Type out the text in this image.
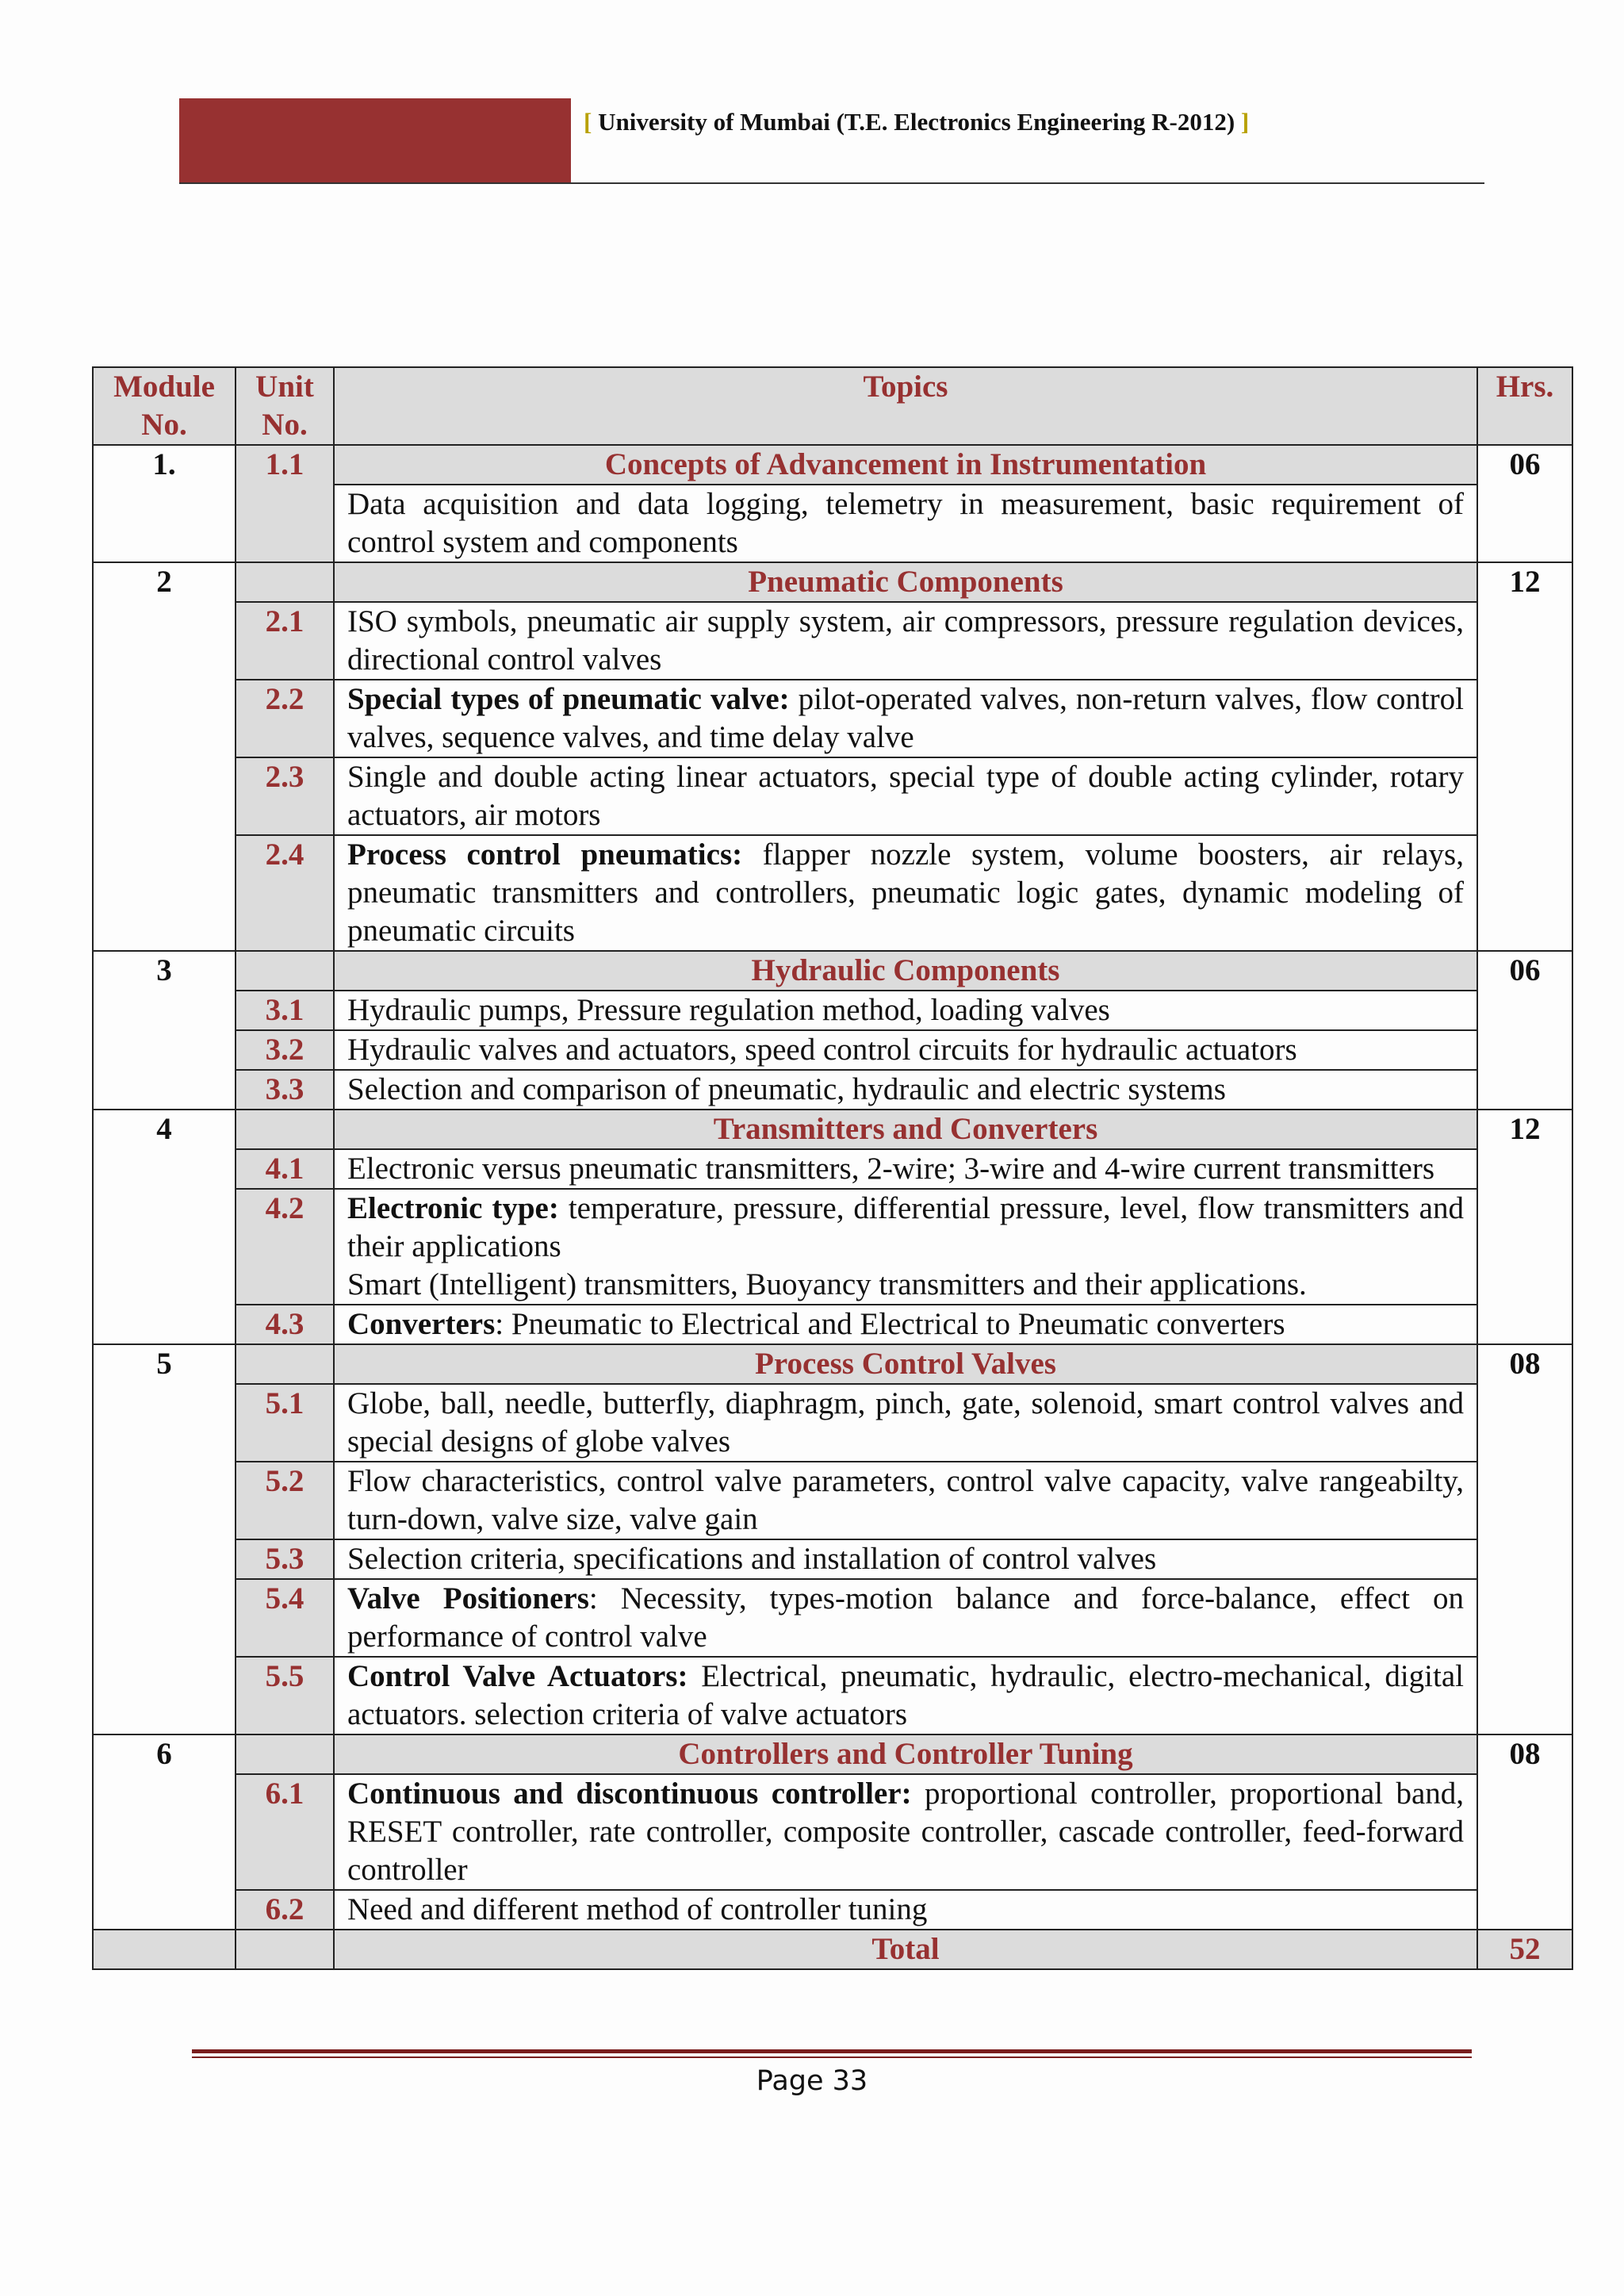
[ University of Mumbai (T.E. Electronics Engineering R-2012) ]
Module No.	Unit No.	Topics	Hrs.
1.	1.1	Concepts of Advancement in Instrumentation	06
		Data acquisition and data logging, telemetry in measurement, basic requirement of control system and components	
2		Pneumatic Components	12
	2.1	ISO symbols, pneumatic air supply system, air compressors, pressure regulation devices, directional control valves	
	2.2	Special types of pneumatic valve: pilot-operated valves, non-return valves, flow control valves, sequence valves, and time delay valve	
	2.3	Single and double acting linear actuators, special type of double acting cylinder, rotary actuators, air motors	
	2.4	Process control pneumatics: flapper nozzle system, volume boosters, air relays, pneumatic transmitters and controllers, pneumatic logic gates, dynamic modeling of pneumatic circuits	
3		Hydraulic Components	06
	3.1	Hydraulic pumps, Pressure regulation method, loading valves	
	3.2	Hydraulic valves and actuators, speed control circuits for hydraulic actuators	
	3.3	Selection and comparison of pneumatic, hydraulic and electric systems	
4		Transmitters and Converters	12
	4.1	Electronic versus pneumatic transmitters, 2-wire; 3-wire and 4-wire current transmitters	
	4.2	Electronic type: temperature, pressure, differential pressure, level, flow transmitters and their applications
Smart (Intelligent) transmitters, Buoyancy transmitters and their applications.	
	4.3	Converters: Pneumatic to Electrical and Electrical to Pneumatic converters	
5		Process Control Valves	08
	5.1	Globe, ball, needle, butterfly, diaphragm, pinch, gate, solenoid, smart control valves and special designs of globe valves	
	5.2	Flow characteristics, control valve parameters, control valve capacity, valve rangeabilty, turn-down, valve size, valve gain	
	5.3	Selection criteria, specifications and installation of control valves	
	5.4	Valve Positioners: Necessity, types-motion balance and force-balance, effect on performance of control valve	
	5.5	Control Valve Actuators: Electrical, pneumatic, hydraulic, electro-mechanical, digital actuators. selection criteria of valve actuators	
6		Controllers and Controller Tuning	08
	6.1	Continuous and discontinuous controller: proportional controller, proportional band, RESET controller, rate controller, composite controller, cascade controller, feed-forward controller	
	6.2	Need and different method of controller tuning	
		Total	52
Page 33
